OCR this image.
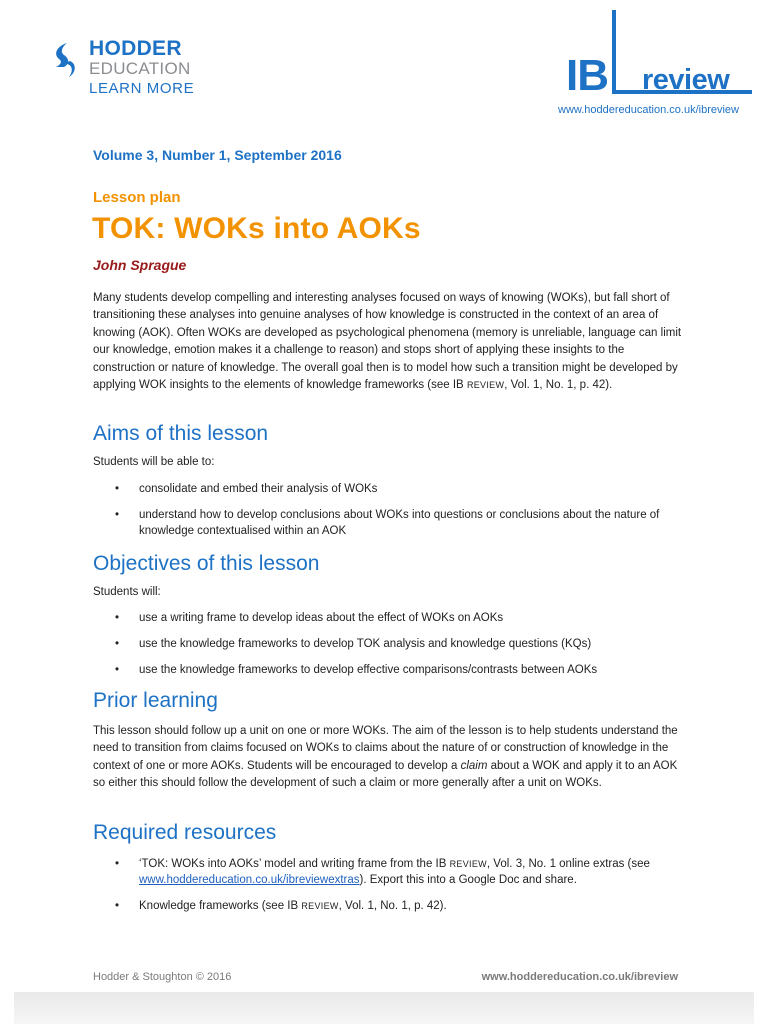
HODDER
EDUCATION
LEARN MORE	IB review
www.hoddereducation.co.uk/ibreview
Volume 3, Number 1, September 2016
Lesson plan
TOK: WOKs into AOKs
John Sprague

Many students develop compelling and interesting analyses focused on ways of knowing (WOKs), but fall short of transitioning these analyses into genuine analyses of how knowledge is constructed in the context of an area of knowing (AOK). Often WOKs are developed as psychological phenomena (memory is unreliable, language can limit our knowledge, emotion makes it a challenge to reason) and stops short of applying these insights to the construction or nature of knowledge. The overall goal then is to model how such a transition might be developed by applying WOK insights to the elements of knowledge frameworks (see IB REVIEW, Vol. 1, No. 1, p. 42).

Aims of this lesson
Students will be able to:
• consolidate and embed their analysis of WOKs
• understand how to develop conclusions about WOKs into questions or conclusions about the nature of knowledge contextualised within an AOK
Objectives of this lesson
Students will:
• use a writing frame to develop ideas about the effect of WOKs on AOKs
• use the knowledge frameworks to develop TOK analysis and knowledge questions (KQs)
• use the knowledge frameworks to develop effective comparisons/contrasts between AOKs
Prior learning

This lesson should follow up a unit on one or more WOKs. The aim of the lesson is to help students understand the need to transition from claims focused on WOKs to claims about the nature of or construction of knowledge in the context of one or more AOKs. Students will be encouraged to develop a claim about a WOK and apply it to an AOK so either this should follow the development of such a claim or more generally after a unit on WOKs.

Required resources
• ‘TOK: WOKs into AOKs’ model and writing frame from the IB REVIEW, Vol. 3, No. 1 online extras (see www.hoddereducation.co.uk/ibreviewextras). Export this into a Google Doc and share.
• Knowledge frameworks (see IB REVIEW, Vol. 1, No. 1, p. 42).
Hodder & Stoughton © 2016	www.hoddereducation.co.uk/ibreview
